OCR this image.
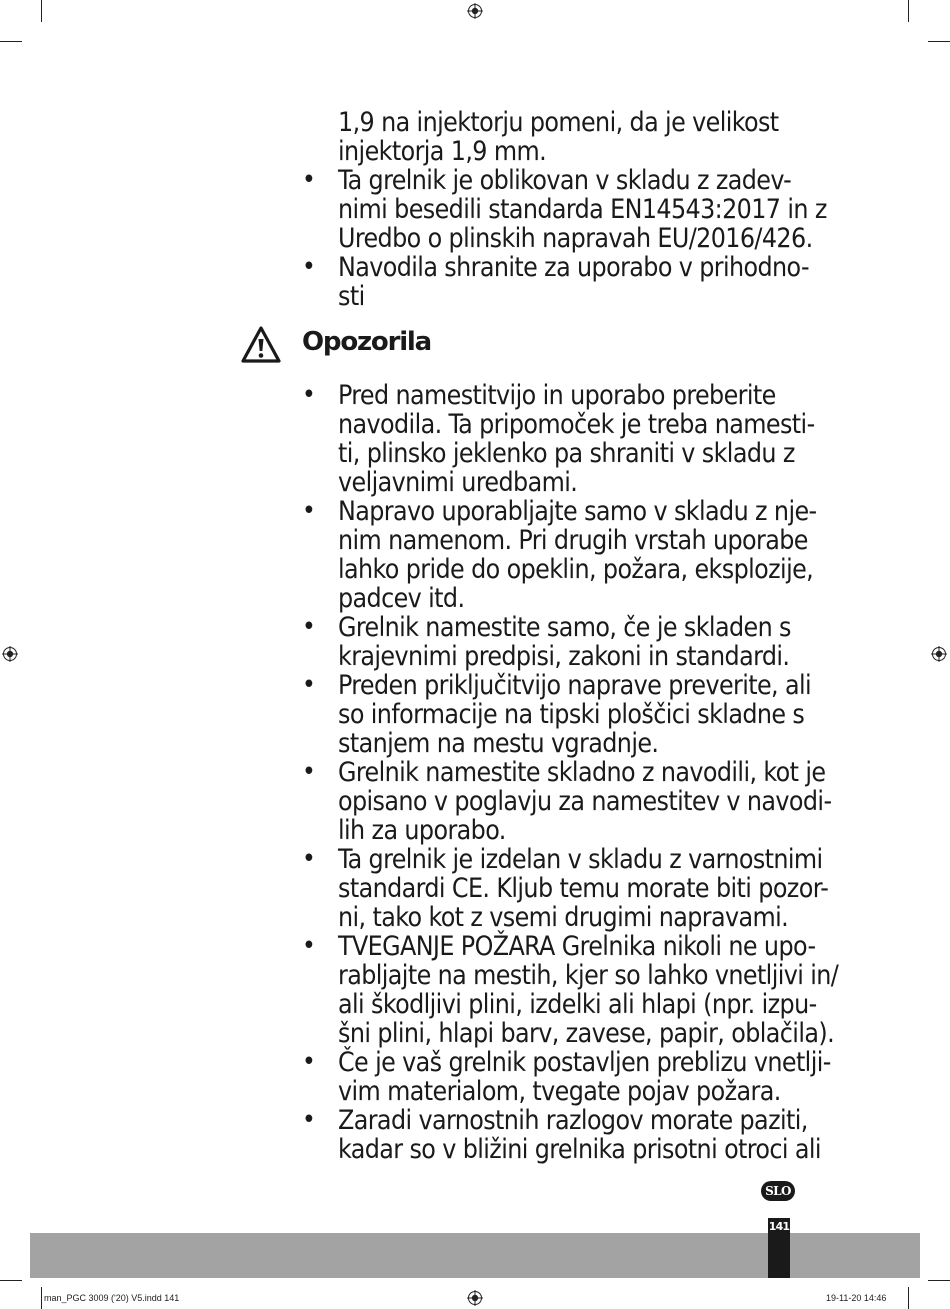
1,9 na injektorju pomeni, da je velikost
injektorja 1,9 mm.
• Ta grelnik je oblikovan v skladu z zadev-
nimi besedili standarda EN14543:2017 in z
Uredbo o plinskih napravah EU/2016/426.
• Navodila shranite za uporabo v prihodno-
sti
Opozorila
• Pred namestitvijo in uporabo preberite
navodila. Ta pripomoček je treba namesti-
ti, plinsko jeklenko pa shraniti v skladu z
veljavnimi uredbami.
• Napravo uporabljajte samo v skladu z nje-
nim namenom. Pri drugih vrstah uporabe
lahko pride do opeklin, požara, eksplozije,
padcev itd.
• Grelnik namestite samo, če je skladen s
krajevnimi predpisi, zakoni in standardi.
• Preden priključitvijo naprave preverite, ali
so informacije na tipski ploščici skladne s
stanjem na mestu vgradnje.
• Grelnik namestite skladno z navodili, kot je
opisano v poglavju za namestitev v navodi-
lih za uporabo.
• Ta grelnik je izdelan v skladu z varnostnimi
standardi CE. Kljub temu morate biti pozor-
ni, tako kot z vsemi drugimi napravami.
• TVEGANJE POŽARA Grelnika nikoli ne upo-
rabljajte na mestih, kjer so lahko vnetljivi in/
ali škodljivi plini, izdelki ali hlapi (npr. izpu-
šni plini, hlapi barv, zavese, papir, oblačila).
• Če je vaš grelnik postavljen preblizu vnetlji-
vim materialom, tvegate pojav požara.
• Zaradi varnostnih razlogov morate paziti,
kadar so v bližini grelnika prisotni otroci ali
SLO
141
man_PGC 3009 ('20) V5.indd 141	19-11-20 14:46
